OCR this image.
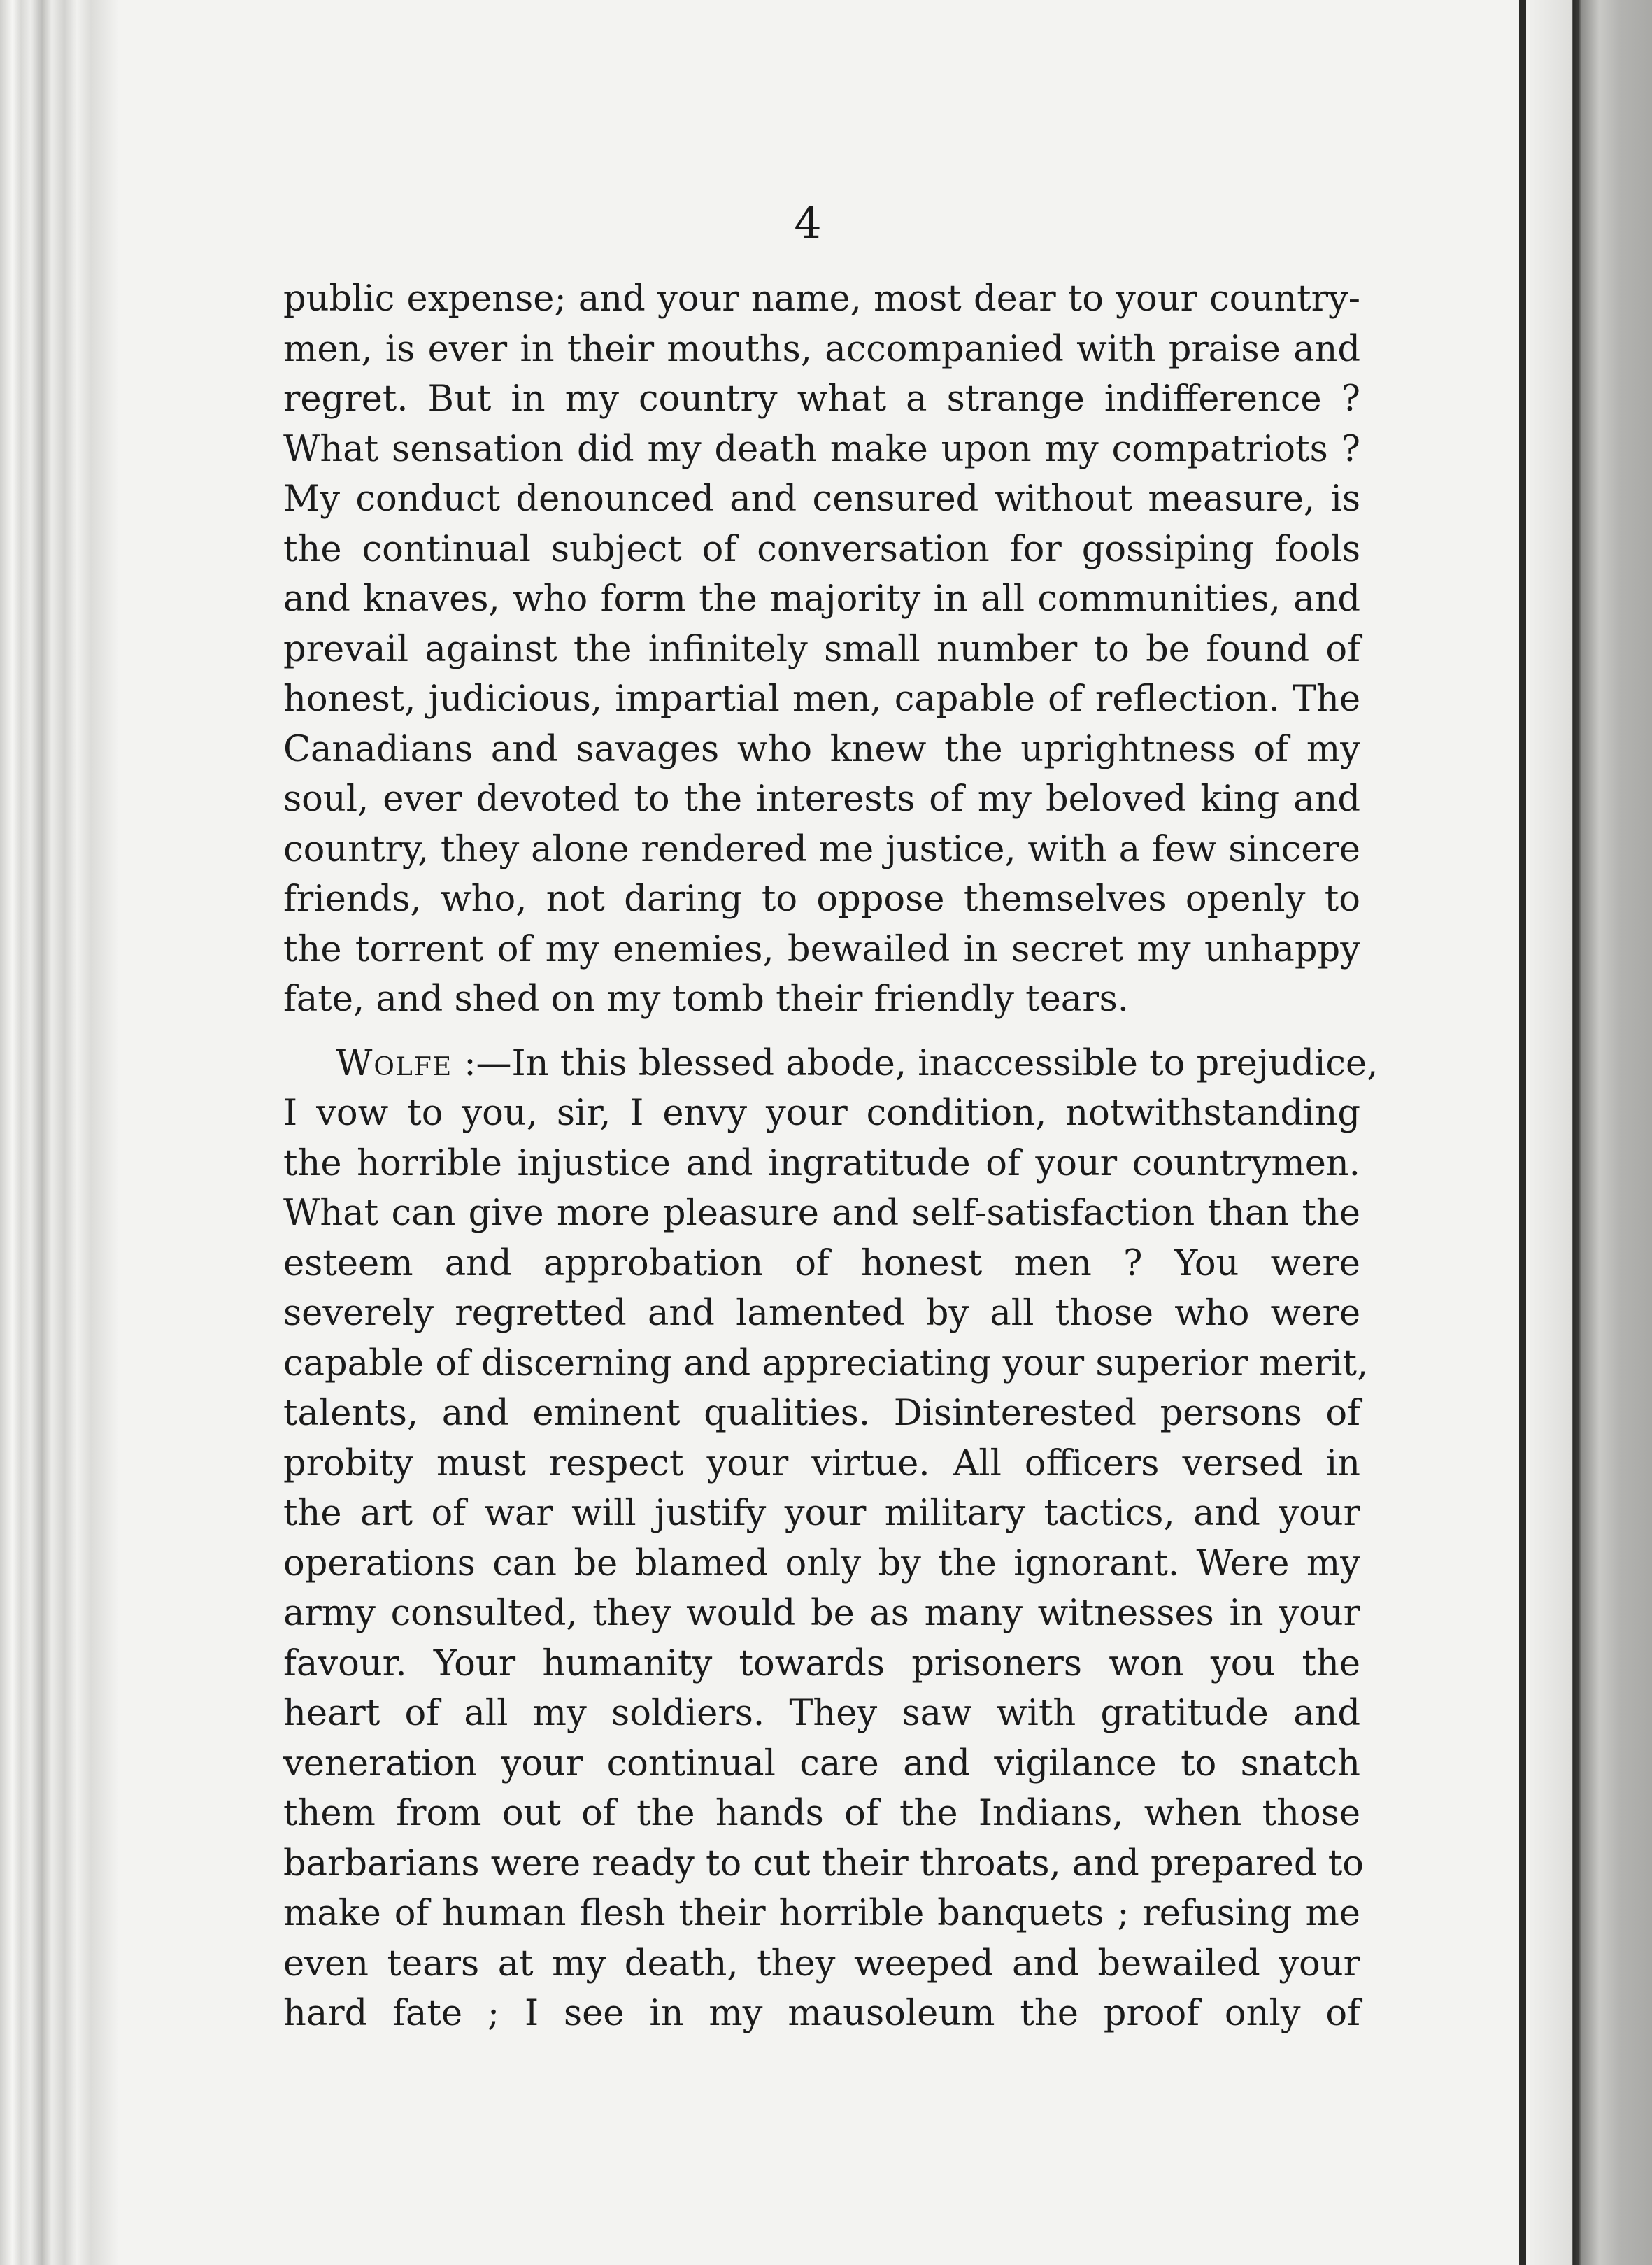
4
public expense; and your name, most dear to your country-
men, is ever in their mouths, accompanied with praise and
regret. But in my country what a strange indifference ?
What sensation did my death make upon my compatriots ?
My conduct denounced and censured without measure, is
the continual subject of conversation for gossiping fools
and knaves, who form the majority in all communities, and
prevail against the infinitely small number to be found of
honest, judicious, impartial men, capable of reflection. The
Canadians and savages who knew the uprightness of my
soul, ever devoted to the interests of my beloved king and
country, they alone rendered me justice, with a few sincere
friends, who, not daring to oppose themselves openly to
the torrent of my enemies, bewailed in secret my unhappy
fate, and shed on my tomb their friendly tears.
Wolfe :—In this blessed abode, inaccessible to prejudice,
I vow to you, sir, I envy your condition, notwithstanding
the horrible injustice and ingratitude of your countrymen.
What can give more pleasure and self-satisfaction than the
esteem and approbation of honest men ? You were
severely regretted and lamented by all those who were
capable of discerning and appreciating your superior merit,
talents, and eminent qualities. Disinterested persons of
probity must respect your virtue. All officers versed in
the art of war will justify your military tactics, and your
operations can be blamed only by the ignorant. Were my
army consulted, they would be as many witnesses in your
favour. Your humanity towards prisoners won you the
heart of all my soldiers. They saw with gratitude and
veneration your continual care and vigilance to snatch
them from out of the hands of the Indians, when those
barbarians were ready to cut their throats, and prepared to
make of human flesh their horrible banquets ; refusing me
even tears at my death, they weeped and bewailed your
hard fate ; I see in my mausoleum the proof only of
